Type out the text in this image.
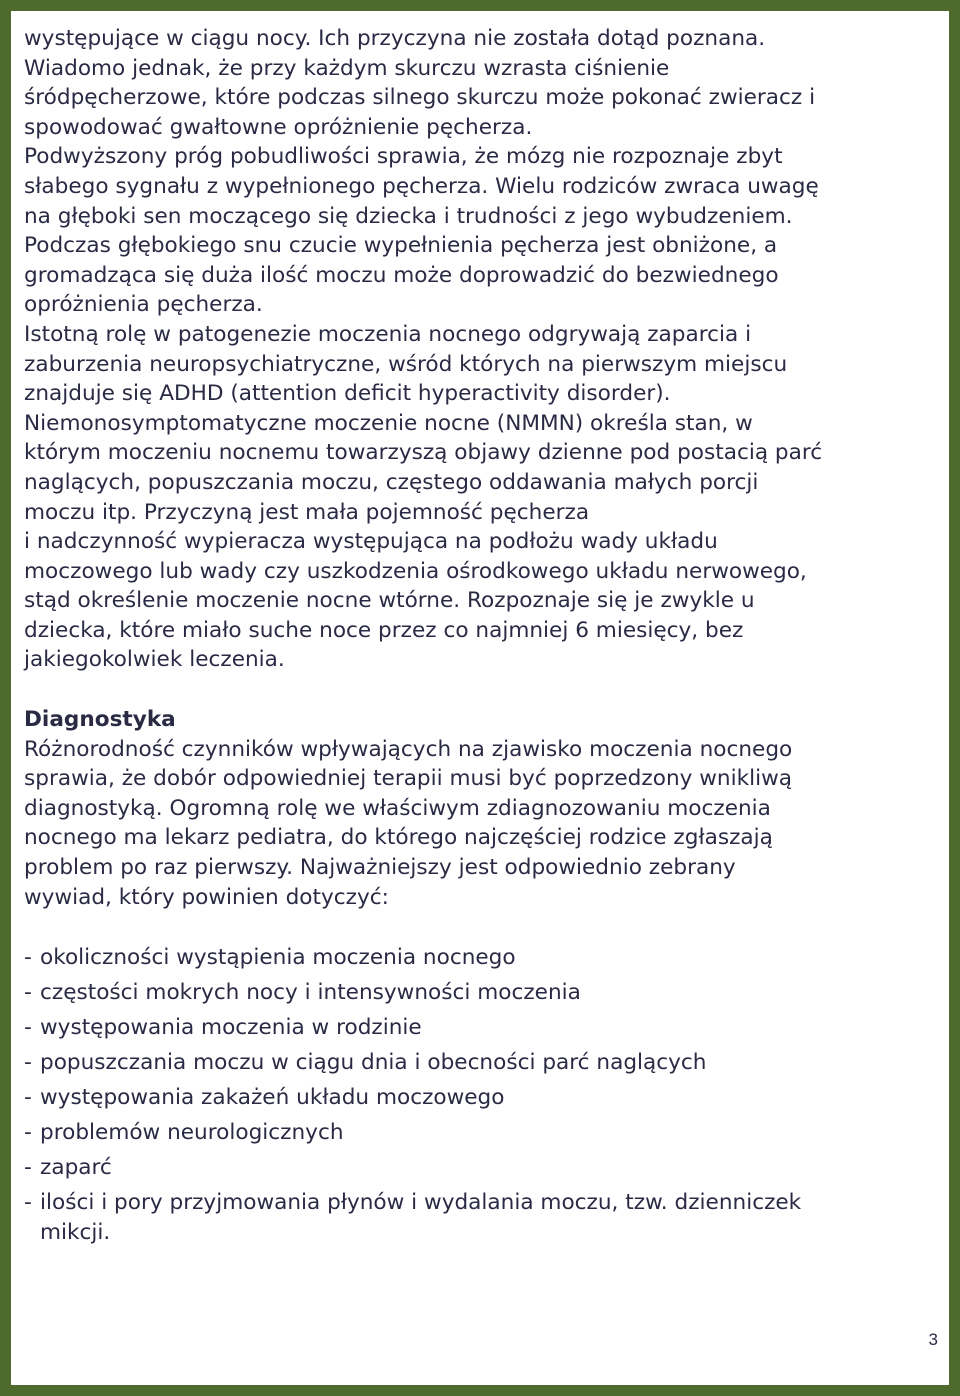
występujące w ciągu nocy. Ich przyczyna nie została dotąd poznana.
Wiadomo jednak, że przy każdym skurczu wzrasta ciśnienie
śródpęcherzowe, które podczas silnego skurczu może pokonać zwieracz i
spowodować gwałtowne opróżnienie pęcherza.
Podwyższony próg pobudliwości sprawia, że mózg nie rozpoznaje zbyt
słabego sygnału z wypełnionego pęcherza. Wielu rodziców zwraca uwagę
na głęboki sen moczącego się dziecka i trudności z jego wybudzeniem.
Podczas głębokiego snu czucie wypełnienia pęcherza jest obniżone, a
gromadząca się duża ilość moczu może doprowadzić do bezwiednego
opróżnienia pęcherza.
Istotną rolę w patogenezie moczenia nocnego odgrywają zaparcia i
zaburzenia neuropsychiatryczne, wśród których na pierwszym miejscu
znajduje się ADHD (attention deficit hyperactivity disorder).
Niemonosymptomatyczne moczenie nocne (NMMN) określa stan, w
którym moczeniu nocnemu towarzyszą objawy dzienne pod postacią parć
naglących, popuszczania moczu, częstego oddawania małych porcji
moczu itp. Przyczyną jest mała pojemność pęcherza
i nadczynność wypieracza występująca na podłożu wady układu
moczowego lub wady czy uszkodzenia ośrodkowego układu nerwowego,
stąd określenie moczenie nocne wtórne. Rozpoznaje się je zwykle u
dziecka, które miało suche noce przez co najmniej 6 miesięcy, bez
jakiegokolwiek leczenia.

Diagnostyka

Różnorodność czynników wpływających na zjawisko moczenia nocnego
sprawia, że dobór odpowiedniej terapii musi być poprzedzony wnikliwą
diagnostyką. Ogromną rolę we właściwym zdiagnozowaniu moczenia
nocnego ma lekarz pediatra, do którego najczęściej rodzice zgłaszają
problem po raz pierwszy. Najważniejszy jest odpowiednio zebrany
wywiad, który powinien dotyczyć:

- okoliczności wystąpienia moczenia nocnego
- częstości mokrych nocy i intensywności moczenia
- występowania moczenia w rodzinie
- popuszczania moczu w ciągu dnia i obecności parć naglących
- występowania zakażeń układu moczowego
- problemów neurologicznych
- zaparć
- ilości i pory przyjmowania płynów i wydalania moczu, tzw. dzienniczek
mikcji.
3
